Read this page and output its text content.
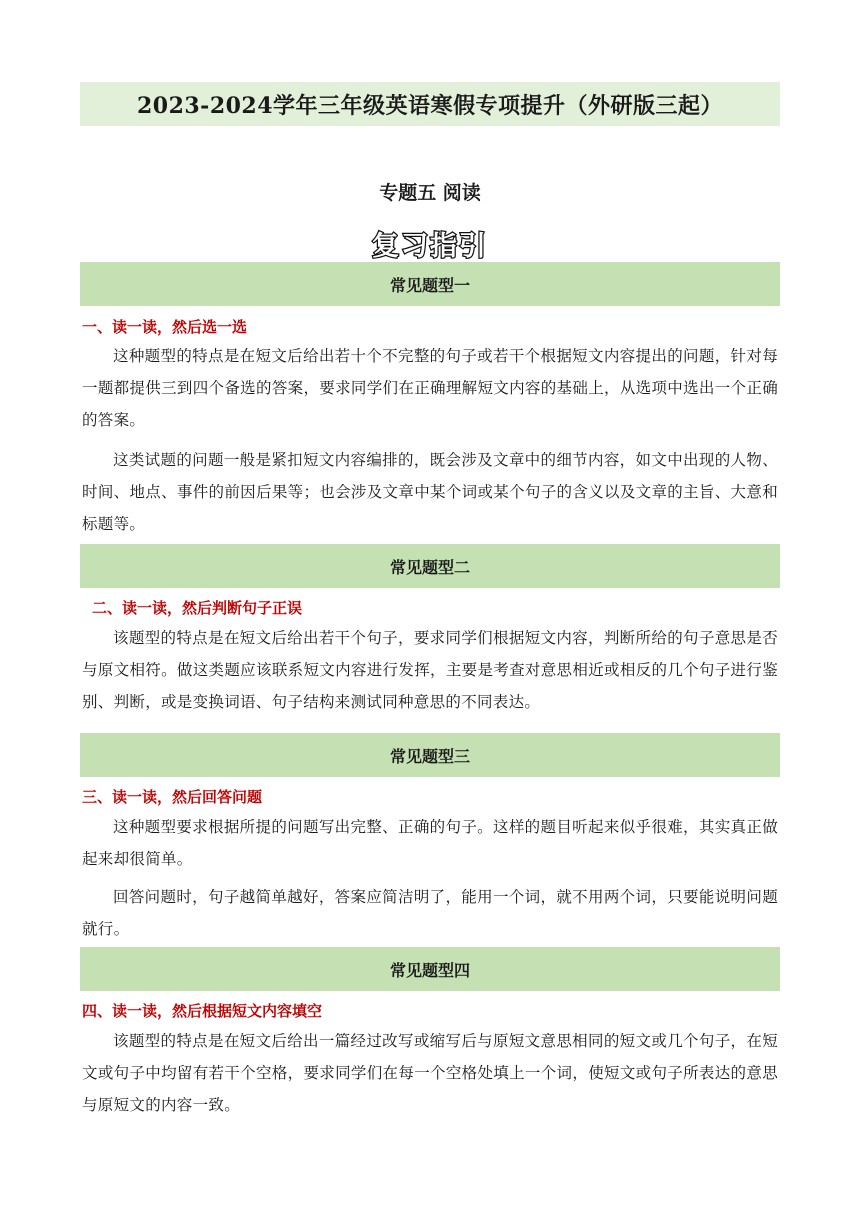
2023-2024学年三年级英语寒假专项提升（外研版三起）
专题五 阅读
复习指引
常见题型一
一、读一读，然后选一选

这种题型的特点是在短文后给出若十个不完整的句子或若干个根据短文内容提出的问题，针对每一题都提供三到四个备选的答案，要求同学们在正确理解短文内容的基础上，从选项中选出一个正确的答案。

这类试题的问题一般是紧扣短文内容编排的，既会涉及文章中的细节内容，如文中出现的人物、时间、地点、事件的前因后果等；也会涉及文章中某个词或某个句子的含义以及文章的主旨、大意和标题等。

常见题型二
二、读一读，然后判断句子正误

该题型的特点是在短文后给出若干个句子，要求同学们根据短文内容，判断所给的句子意思是否与原文相符。做这类题应该联系短文内容进行发挥，主要是考查对意思相近或相反的几个句子进行鉴别、判断，或是变换词语、句子结构来测试同种意思的不同表达。

常见题型三
三、读一读，然后回答问题

这种题型要求根据所提的问题写出完整、正确的句子。这样的题目听起来似乎很难，其实真正做起来却很简单。

回答问题时，句子越简单越好，答案应简洁明了，能用一个词，就不用两个词，只要能说明问题就行。

常见题型四
四、读一读，然后根据短文内容填空

该题型的特点是在短文后给出一篇经过改写或缩写后与原短文意思相同的短文或几个句子，在短文或句子中均留有若干个空格，要求同学们在每一个空格处填上一个词，使短文或句子所表达的意思与原短文的内容一致。
